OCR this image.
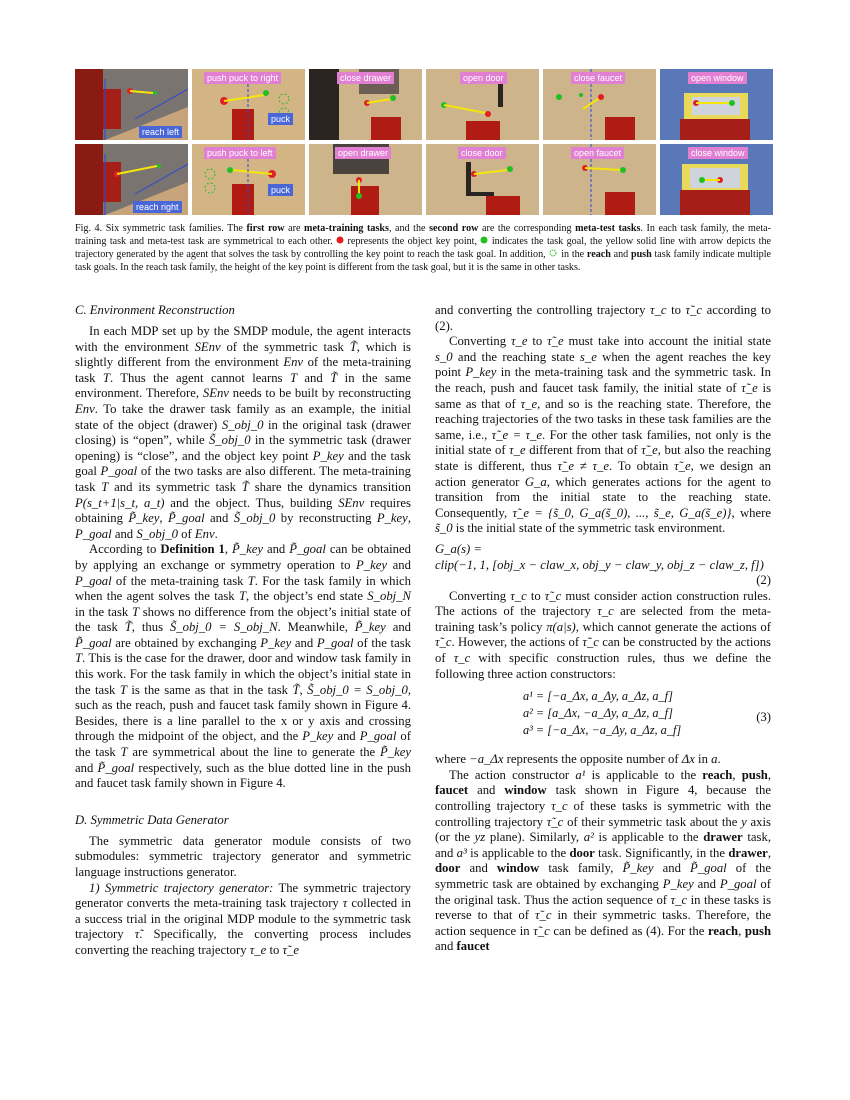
reach left
push puck to right
puck
close drawer	open door	close faucet	open window
reach right
push puck to left
puck
open drawer	close door	open faucet	close window
Fig. 4. Six symmetric task families. The first row are meta-training tasks, and the second row are the corresponding meta-test tasks. In each task family, the meta-training task and meta-test task are symmetrical to each other.  represents the object key point,  indicates the task goal, the yellow solid line with arrow depicts the trajectory generated by the agent that solves the task by controlling the key point to reach the task goal. In addition,  in the reach and push task family indicate multiple task goals. In the reach task family, the height of the key point is different from the task goal, but it is the same in other tasks.
C. Environment Reconstruction

In each MDP set up by the SMDP module, the agent interacts with the environment SEnv of the symmetric task T̃, which is slightly different from the environment Env of the meta-training task T. Thus the agent cannot learns T and T̃ in the same environment. Therefore, SEnv needs to be built by reconstructing Env. To take the drawer task family as an example, the initial state of the object (drawer) S_obj_0 in the original task (drawer closing) is “open”, while S̃_obj_0 in the symmetric task (drawer opening) is “close”, and the object key point P_key and the task goal P_goal of the two tasks are also different. The meta-training task T and its symmetric task T̃ share the dynamics transition P(s_t+1|s_t, a_t) and the object. Thus, building SEnv requires obtaining P̃_key, P̃_goal and S̃_obj_0 by reconstructing P_key, P_goal and S_obj_0 of Env.

According to Definition 1, P̃_key and P̃_goal can be obtained by applying an exchange or symmetry operation to P_key and P_goal of the meta-training task T. For the task family in which when the agent solves the task T, the object’s end state S_obj_N in the task T shows no difference from the object’s initial state of the task T̃, thus S̃_obj_0 = S_obj_N. Meanwhile, P̃_key and P̃_goal are obtained by exchanging P_key and P_goal of the task T. This is the case for the drawer, door and window task family in this work. For the task family in which the object’s initial state in the task T is the same as that in the task T̃, S̃_obj_0 = S_obj_0, such as the reach, push and faucet task family shown in Figure 4. Besides, there is a line parallel to the x or y axis and crossing through the midpoint of the object, and the P_key and P_goal of the task T are symmetrical about the line to generate the P̃_key and P̃_goal respectively, such as the blue dotted line in the push and faucet task family shown in Figure 4.

D. Symmetric Data Generator

The symmetric data generator module consists of two submodules: symmetric trajectory generator and symmetric language instructions generator.

1) Symmetric trajectory generator: The symmetric trajectory generator converts the meta-training task trajectory τ collected in a success trial in the original MDP module to the symmetric task trajectory τ̃. Specifically, the converting process includes converting the reaching trajectory τ_e to τ̃_e

and converting the controlling trajectory τ_c to τ̃_c according to (2).

Converting τ_e to τ̃_e must take into account the initial state s_0 and the reaching state s_e when the agent reaches the key point P_key in the meta-training task and the symmetric task. In the reach, push and faucet task family, the initial state of τ̃_e is same as that of τ_e, and so is the reaching state. Therefore, the reaching trajectories of the two tasks in these task families are the same, i.e., τ̃_e = τ_e. For the other task families, not only is the initial state of τ_e different from that of τ̃_e, but also the reaching state is different, thus τ̃_e ≠ τ_e. To obtain τ̃_e, we design an action generator G_a, which generates actions for the agent to transition from the initial state to the reaching state. Consequently, τ̃_e = {s̃_0, G_a(s̃_0), ..., s̃_e, G_a(s̃_e)}, where s̃_0 is the initial state of the symmetric task environment.

G_a(s) =
clip(−1, 1, [obj_x − claw_x, obj_y − claw_y, obj_z − claw_z, f])
(2)

Converting τ_c to τ̃_c must consider action construction rules. The actions of the trajectory τ_c are selected from the meta-training task’s policy π(a|s), which cannot generate the actions of τ̃_c. However, the actions of τ̃_c can be constructed by the actions of τ_c with specific construction rules, thus we define the following three action constructors:

a¹ = [−a_Δx, a_Δy, a_Δz, a_f]
a² = [a_Δx, −a_Δy, a_Δz, a_f]
a³ = [−a_Δx, −a_Δy, a_Δz, a_f]
(3)

where −a_Δx represents the opposite number of Δx in a.

The action constructor a¹ is applicable to the reach, push, faucet and window task shown in Figure 4, because the controlling trajectory τ_c of these tasks is symmetric with the controlling trajectory τ̃_c of their symmetric task about the y axis (or the yz plane). Similarly, a² is applicable to the drawer task, and a³ is applicable to the door task. Significantly, in the drawer, door and window task family, P̃_key and P̃_goal of the symmetric task are obtained by exchanging P_key and P_goal of the original task. Thus the action sequence of τ_c in these tasks is reverse to that of τ̃_c in their symmetric tasks. Therefore, the action sequence in τ̃_c can be defined as (4). For the reach, push and faucet
